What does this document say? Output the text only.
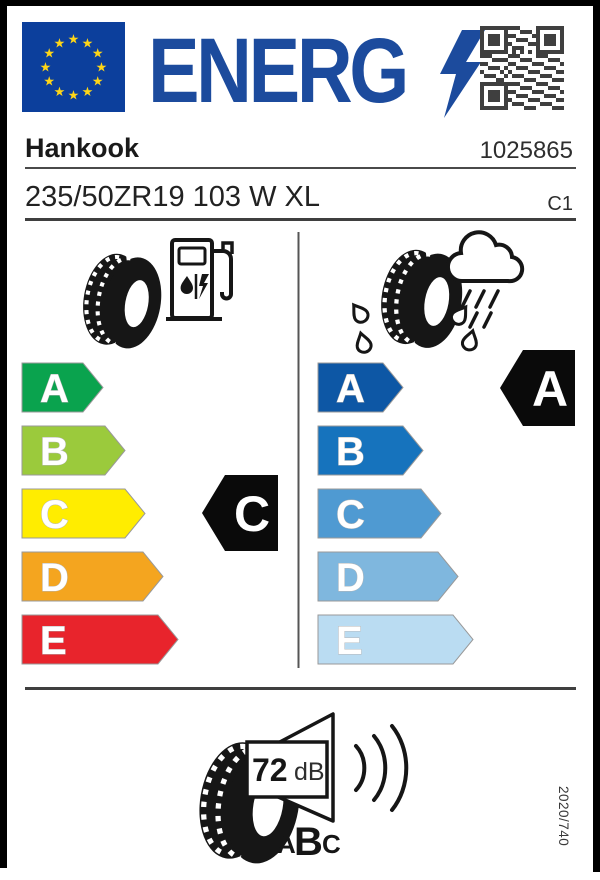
★ ★
★
★
★
★
★
★
★
★
★
★ ENERG
Hankook	1025865
235/50ZR19 103 W XL	C1
A
B
C
D
E
C
A
B
C
D
E
A
72 dB
A
B C	2020/740
